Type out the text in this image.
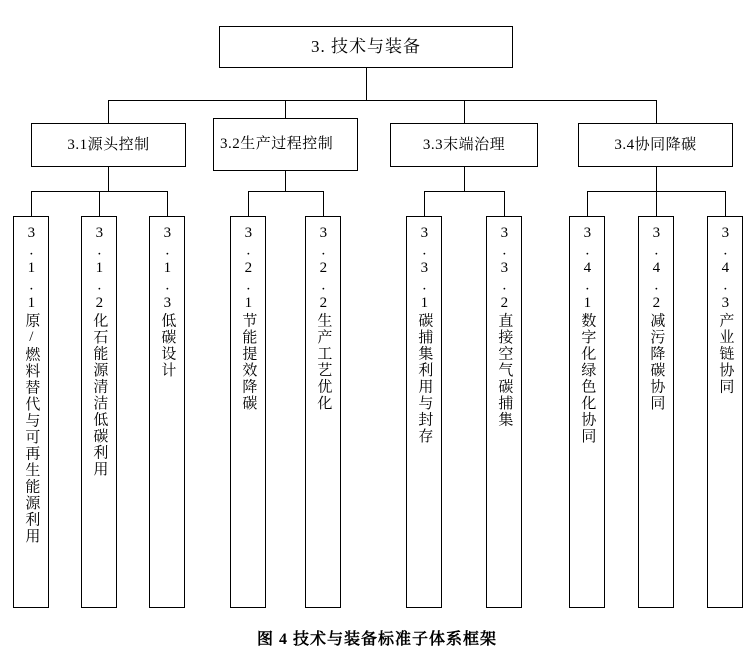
3. 技术与装备
3.1源头控制	3.2生产过程控制	3.3末端治理	3.4协同降碳
3.1.1原/燃料替代与可再生能源利用	3.1.2化石能源清洁低碳利用	3.1.3低碳设计	3.2.1节能提效降碳	3.2.2生产工艺优化	3.3.1碳捕集利用与封存	3.3.2直接空气碳捕集	3.4.1数字化绿色化协同	3.4.2减污降碳协同	3.4.3产业链协同
图 4 技术与装备标准子体系框架
